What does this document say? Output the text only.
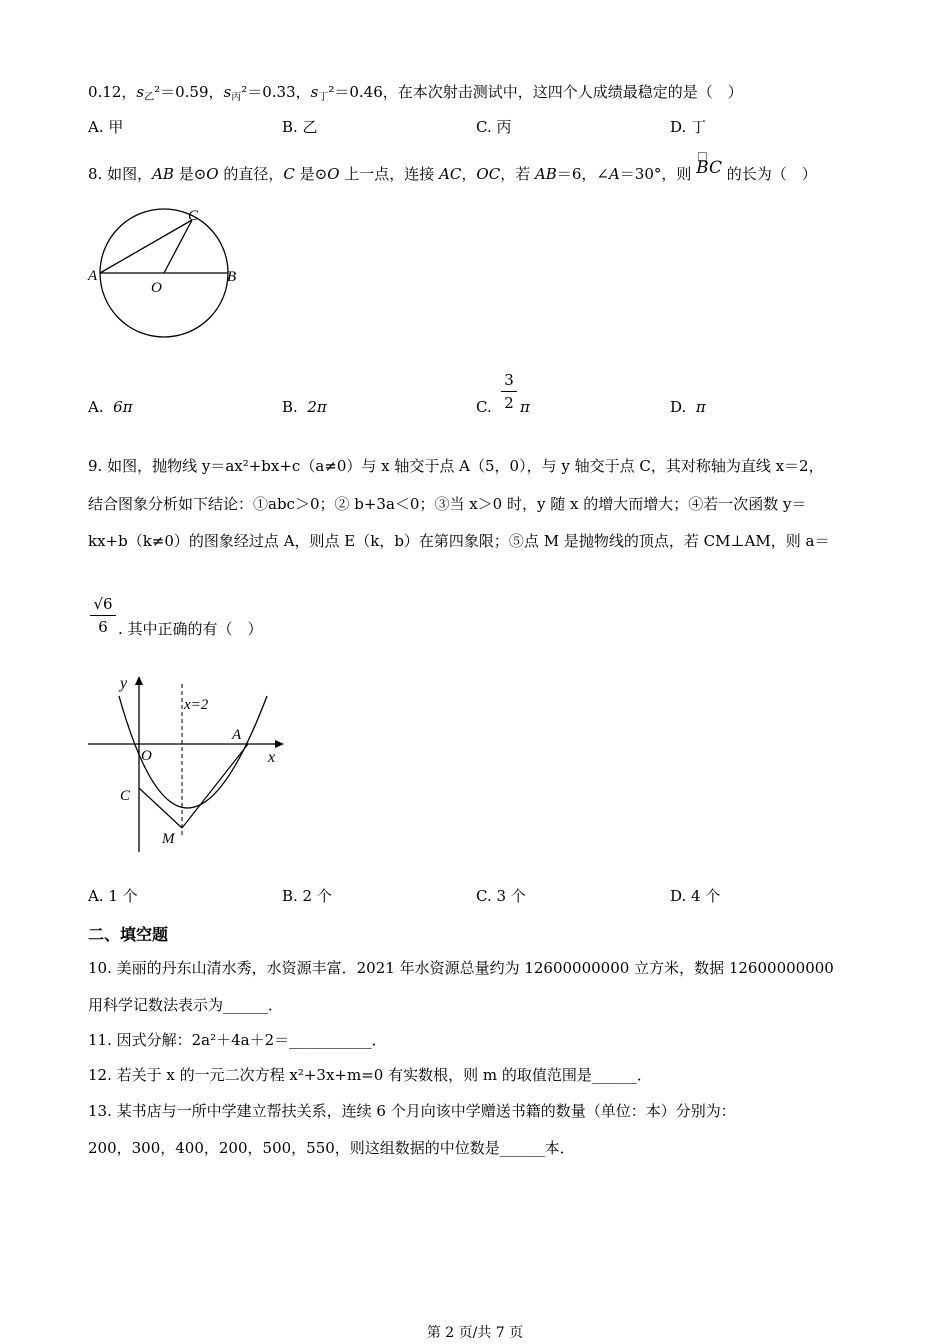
0.12，$s_乙^2=0.59$，$s_丙^2=0.33$，$s_丁^2=0.46$，在本次射击测试中，这四个人成绩最稳定的是（　）
A. 甲	B. 乙	C. 丙	D. 丁
8. 如图，AB 是⊙O 的直径，C 是⊙O 上一点，连接 AC，OC，若 AB＝6，∠A＝30°，则
BC 的长为（　）
A	B
C
O
A. 6π	B. 2π	C. $\frac{3}{2}$ π	D. π
9. 如图，抛物线 y＝ax²+bx+c（a≠0）与 x 轴交于点 A（5，0），与 y 轴交于点 C，其对称轴为直线 x＝2，
结合图象分析如下结论：①abc＞0；② b+3a＜0；③当 x＞0 时，y 随 x 的增大而增大；④若一次函数 y＝
kx+b（k≠0）的图象经过点 A，则点 E（k，b）在第四象限；⑤点 M 是抛物线的顶点，若 CM⊥AM，则 a＝
$\frac{√6}{6}$ . 其中正确的有（　）
y
x
x=2
O
A
C
M
A. 1 个	B. 2 个	C. 3 个	D. 4 个
二、填空题
10. 美丽的丹东山清水秀，水资源丰富．2021 年水资源总量约为 12600000000 立方米，数据 12600000000
用科学记数法表示为______．
11. 因式分解：2a²＋4a＋2＝___________．
12. 若关于 x 的一元二次方程 x²+3x+m=0 有实数根，则 m 的取值范围是______．
13. 某书店与一所中学建立帮扶关系，连续 6 个月向该中学赠送书籍的数量（单位：本）分别为：
200，300，400，200，500，550，则这组数据的中位数是______本．
第 2 页/共 7 页
